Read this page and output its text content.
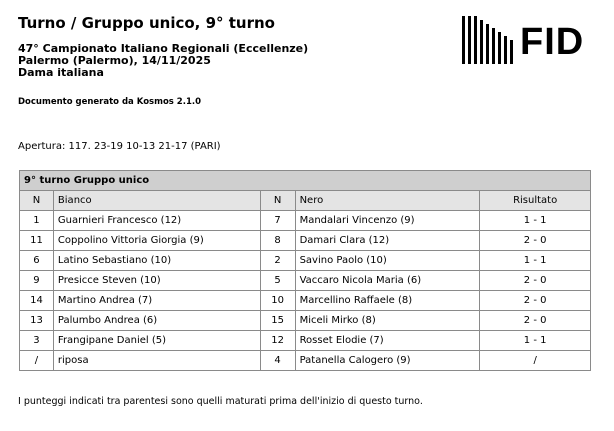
Turno / Gruppo unico, 9° turno
47° Campionato Italiano Regionali (Eccellenze)
Palermo (Palermo), 14/11/2025
Dama italiana
Documento generato da Kosmos 2.1.0
FID
Apertura: 117. 23-19 10-13 21-17 (PARI)
9° turno Gruppo unico				
N	Bianco	N	Nero	Risultato
1	Guarnieri Francesco (12)	7	Mandalari Vincenzo (9)	1 - 1
11	Coppolino Vittoria Giorgia (9)	8	Damari Clara (12)	2 - 0
6	Latino Sebastiano (10)	2	Savino Paolo (10)	1 - 1
9	Presicce Steven (10)	5	Vaccaro Nicola Maria (6)	2 - 0
14	Martino Andrea (7)	10	Marcellino Raffaele (8)	2 - 0
13	Palumbo Andrea (6)	15	Miceli Mirko (8)	2 - 0
3	Frangipane Daniel (5)	12	Rosset Elodie (7)	1 - 1
/	riposa	4	Patanella Calogero (9)	/
I punteggi indicati tra parentesi sono quelli maturati prima dell'inizio di questo turno.
